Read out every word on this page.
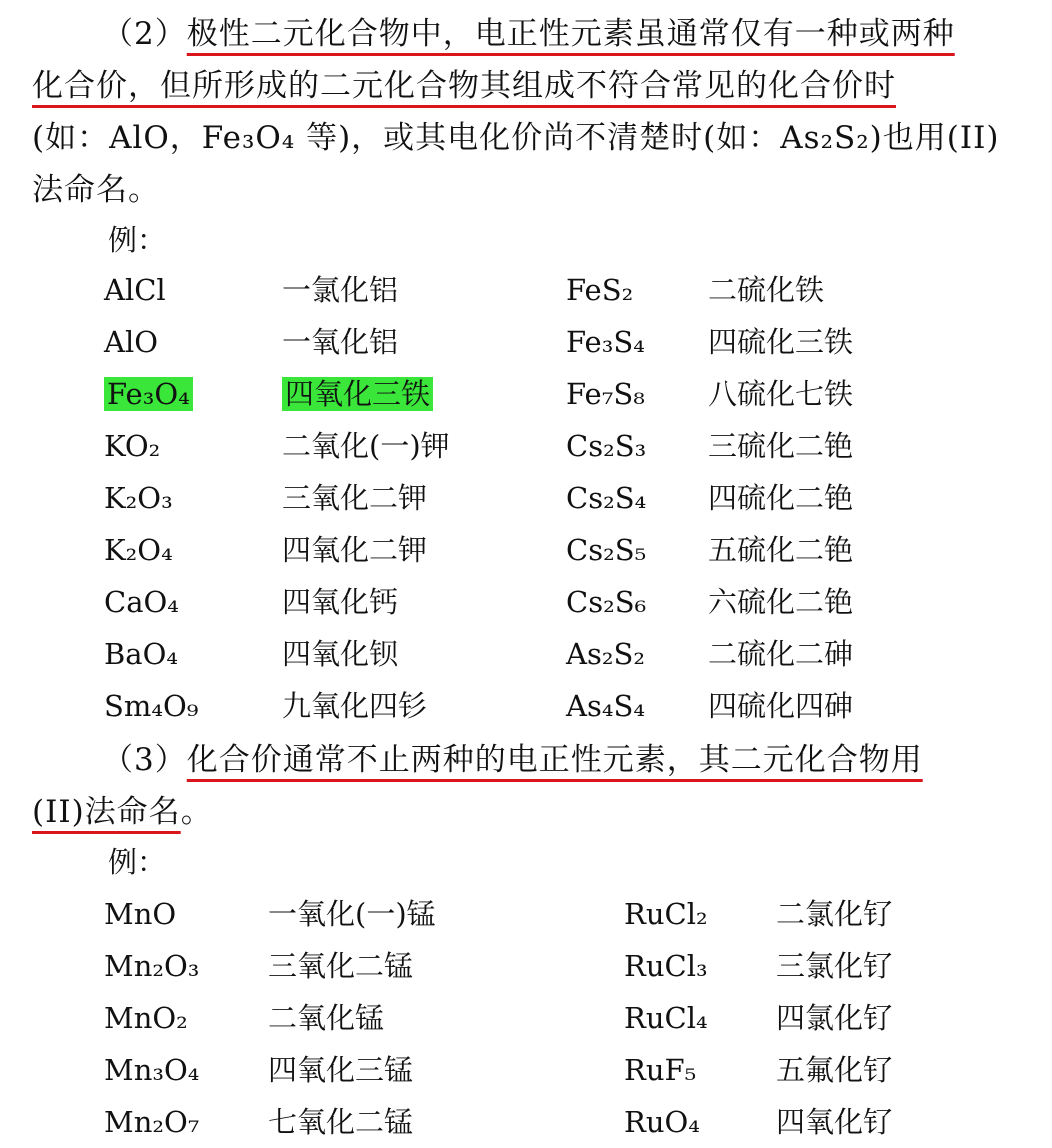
（2）极性二元化合物中，电正性元素虽通常仅有一种或两种
化合价，但所形成的二元化合物其组成不符合常见的化合价时
(如：AlO，Fe₃O₄ 等)，或其电化价尚不清楚时(如：As₂S₂)也用(II)
法命名。
例：
AlCl	一氯化铝	FeS₂	二硫化铁
AlO	一氧化铝	Fe₃S₄ 四硫化三铁
Fe₃O₄	四氧化三铁	Fe₇S₈ 八硫化七铁
KO₂	二氧化(一)钾	Cs₂S₃ 三硫化二铯
K₂O₃	三氧化二钾	Cs₂S₄ 四硫化二铯
K₂O₄	四氧化二钾	Cs₂S₅ 五硫化二铯
CaO₄	四氧化钙	Cs₂S₆ 六硫化二铯
BaO₄	四氧化钡	As₂S₂ 二硫化二砷
Sm₄O₉	九氧化四钐	As₄S₄ 四硫化四砷
（3）化合价通常不止两种的电正性元素，其二元化合物用
(II)法命名。
例：
MnO	一氧化(一)锰	RuCl₂ 二氯化钌
Mn₂O₃ 三氧化二锰	RuCl₃ 三氯化钌
MnO₂	二氧化锰	RuCl₄ 四氯化钌
Mn₃O₄ 四氧化三锰	RuF₅	五氟化钌
Mn₂O₇ 七氧化二锰	RuO₄	四氧化钌
